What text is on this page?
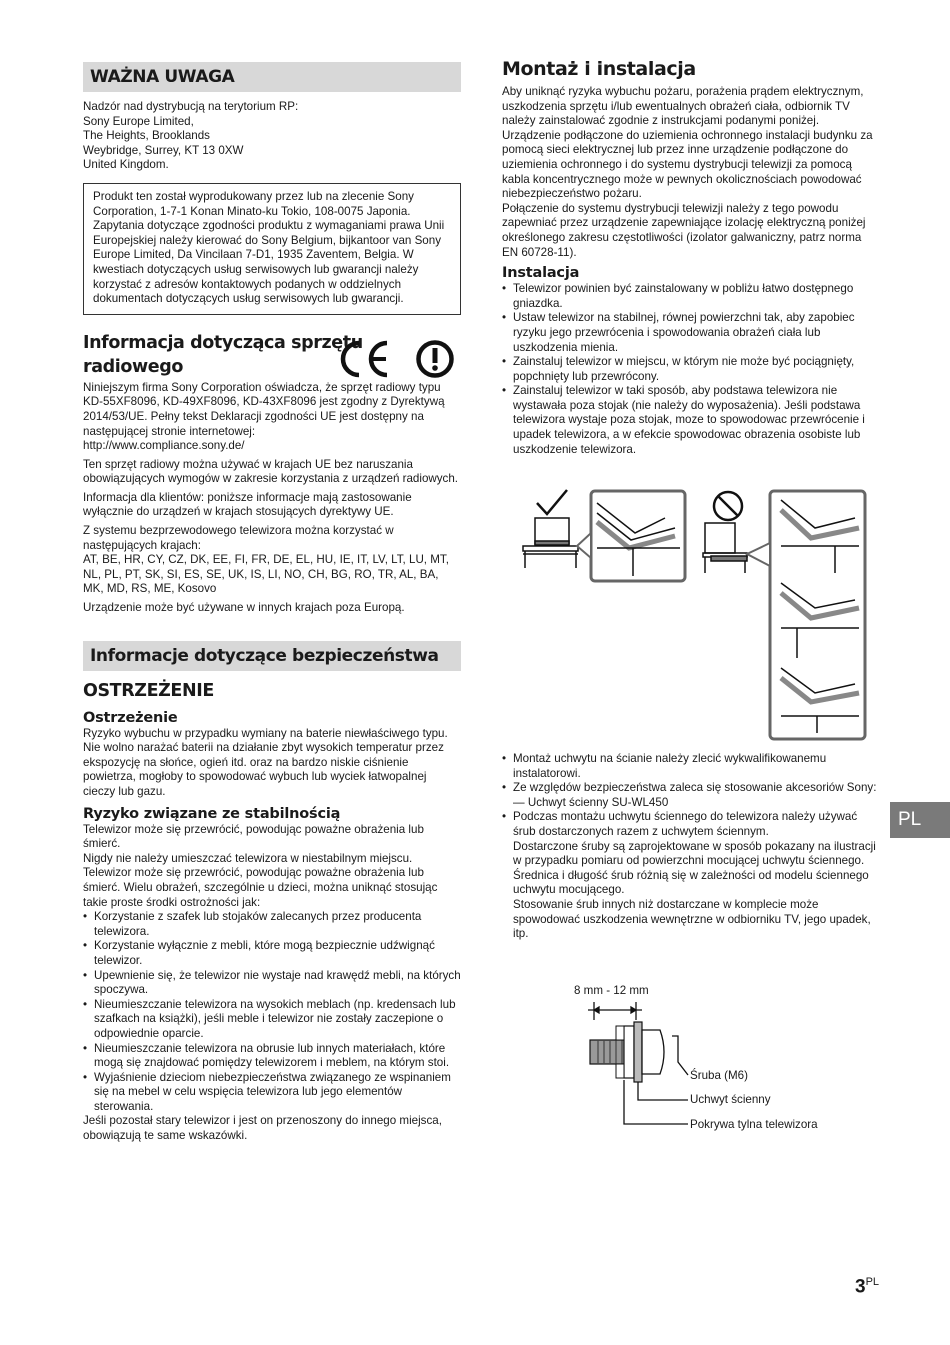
WAŻNA UWAGA

Nadzór nad dystrybucją na terytorium RP:

Sony Europe Limited,

The Heights, Brooklands

Weybridge, Surrey, KT 13 0XW

United Kingdom.

Produkt ten został wyprodukowany przez lub na zlecenie Sony Corporation, 1-7-1 Konan Minato-ku Tokio, 108-0075 Japonia. Zapytania dotyczące zgodności produktu z wymaganiami prawa Unii Europejskiej należy kierować do Sony Belgium, bijkantoor van Sony Europe Limited, Da Vincilaan 7-D1, 1935 Zaventem, Belgia. W kwestiach dotyczących usług serwisowych lub gwarancji należy korzystać z adresów kontaktowych podanych w oddzielnych dokumentach dotyczących usług serwisowych lub gwarancji.

Informacja dotycząca sprzętu
radiowego

Niniejszym firma Sony Corporation oświadcza, że sprzęt radiowy typu KD-55XF8096, KD-49XF8096, KD-43XF8096 jest zgodny z Dyrektywą 2014/53/UE. Pełny tekst Deklaracji zgodności UE jest dostępny na następującej stronie internetowej:

http://www.compliance.sony.de/

Ten sprzęt radiowy można używać w krajach UE bez naruszania obowiązujących wymogów w zakresie korzystania z urządzeń radiowych.

Informacja dla klientów: poniższe informacje mają zastosowanie wyłącznie do urządzeń w krajach stosujących dyrektywy UE.

Z systemu bezprzewodowego telewizora można korzystać w następujących krajach:

AT, BE, HR, CY, CZ, DK, EE, FI, FR, DE, EL, HU, IE, IT, LV, LT, LU, MT, NL, PL, PT, SK, SI, ES, SE, UK, IS, LI, NO, CH, BG, RO, TR, AL, BA, MK, MD, RS, ME, Kosovo

Urządzenie może być używane w innych krajach poza Europą.

Informacje dotyczące bezpieczeństwa
OSTRZEŻENIE
Ostrzeżenie

Ryzyko wybuchu w przypadku wymiany na baterie niewłaściwego typu.

Nie wolno narażać baterii na działanie zbyt wysokich temperatur przez ekspozycję na słońce, ogień itd. oraz na bardzo niskie ciśnienie powietrza, mogłoby to spowodować wybuch lub wyciek łatwopalnej cieczy lub gazu.

Ryzyko związane ze stabilnością

Telewizor może się przewrócić, powodując poważne obrażenia lub śmierć.

Nigdy nie należy umieszczać telewizora w niestabilnym miejscu. Telewizor może się przewrócić, powodując poważne obrażenia lub śmierć. Wielu obrażeń, szczególnie u dzieci, można uniknąć stosując takie proste środki ostrożności jak:

• Korzystanie z szafek lub stojaków zalecanych przez producenta telewizora.
• Korzystanie wyłącznie z mebli, które mogą bezpiecznie udźwignąć telewizor.
• Upewnienie się, że telewizor nie wystaje nad krawędź mebli, na których spoczywa.
• Nieumieszczanie telewizora na wysokich meblach (np. kredensach lub szafkach na książki), jeśli meble i telewizor nie zostały zaczepione o odpowiednie oparcie.
• Nieumieszczanie telewizora na obrusie lub innych materiałach, które mogą się znajdować pomiędzy telewizorem i meblem, na którym stoi.
• Wyjaśnienie dzieciom niebezpieczeństwa związanego ze wspinaniem się na mebel w celu wspięcia telewizora lub jego elementów sterowania.

Jeśli pozostał stary telewizor i jest on przenoszony do innego miejsca, obowiązują te same wskazówki.

Montaż i instalacja

Aby uniknąć ryzyka wybuchu pożaru, porażenia prądem elektrycznym, uszkodzenia sprzętu i/lub ewentualnych obrażeń ciała, odbiornik TV należy zainstalować zgodnie z instrukcjami podanymi poniżej.

Urządzenie podłączone do uziemienia ochronnego instalacji budynku za pomocą sieci elektrycznej lub przez inne urządzenie podłączone do uziemienia ochronnego i do systemu dystrybucji telewizji za pomocą kabla koncentrycznego może w pewnych okolicznościach powodować niebezpieczeństwo pożaru.

Połączenie do systemu dystrybucji telewizji należy z tego powodu zapewniać przez urządzenie zapewniające izolację elektryczną poniżej określonego zakresu częstotliwości (izolator galwaniczny, patrz norma EN 60728-11).

Instalacja
• Telewizor powinien być zainstalowany w pobliżu łatwo dostępnego gniazdka.
• Ustaw telewizor na stabilnej, równej powierzchni tak, aby zapobiec ryzyku jego przewrócenia i spowodowania obrażeń ciała lub uszkodzenia mienia.
• Zainstaluj telewizor w miejscu, w którym nie może być pociągnięty, popchnięty lub przewrócony.
• Zainstaluj telewizor w taki sposób, aby podstawa telewizora nie wystawała poza stojak (nie należy do wyposażenia). Jeśli podstawa telewizora wystaje poza stojak, moze to spowodowac przewrócenie i upadek telewizora, a w efekcie spowodowac obrazenia osobiste lub uszkodzenie telewizora.
• Montaż uchwytu na ścianie należy zlecić wykwalifikowanemu instalatorowi.
• Ze względów bezpieczeństwa zaleca się stosowanie akcesoriów Sony:

— Uchwyt ścienny SU-WL450

• Podczas montażu uchwytu ściennego do telewizora należy używać śrub dostarczonych razem z uchwytem ściennym.

Dostarczone śruby są zaprojektowane w sposób pokazany na ilustracji w przypadku pomiaru od powierzchni mocującej uchwytu ściennego.

Średnica i długość śrub różnią się w zależności od modelu ściennego uchwytu mocującego.

Stosowanie śrub innych niż dostarczane w komplecie może spowodować uszkodzenia wewnętrzne w odbiorniku TV, jego upadek, itp.

8 mm - 12 mm
Śruba (M6)
Uchwyt ścienny
Pokrywa tylna telewizora
PL
$3^{PL}$
